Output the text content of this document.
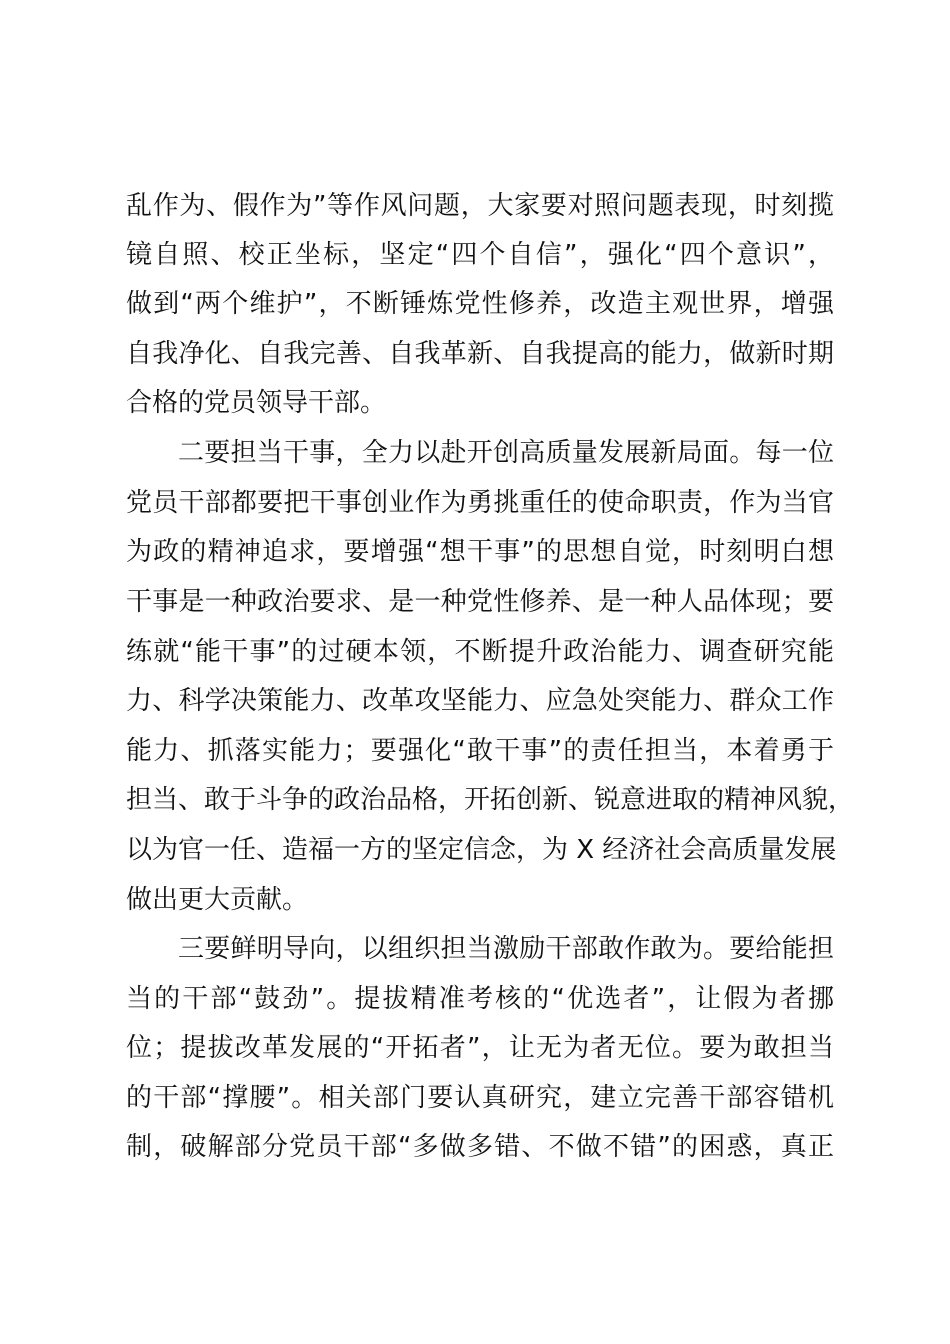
乱作为、假作为”等作风问题，大家要对照问题表现，时刻揽
镜自照、校正坐标，坚定“四个自信”，强化“四个意识”，
做到“两个维护”，不断锤炼党性修养，改造主观世界，增强
自我净化、自我完善、自我革新、自我提高的能力，做新时期
合格的党员领导干部。
二要担当干事，全力以赴开创高质量发展新局面。每一位
党员干部都要把干事创业作为勇挑重任的使命职责，作为当官
为政的精神追求，要增强“想干事”的思想自觉，时刻明白想
干事是一种政治要求、是一种党性修养、是一种人品体现；要
练就“能干事”的过硬本领，不断提升政治能力、调查研究能
力、科学决策能力、改革攻坚能力、应急处突能力、群众工作
能力、抓落实能力；要强化“敢干事”的责任担当，本着勇于
担当、敢于斗争的政治品格，开拓创新、锐意进取的精神风貌，
以为官一任、造福一方的坚定信念，为 X 经济社会高质量发展
做出更大贡献。
三要鲜明导向，以组织担当激励干部敢作敢为。要给能担
当的干部“鼓劲”。提拔精准考核的“优选者”，让假为者挪
位；提拔改革发展的“开拓者”，让无为者无位。要为敢担当
的干部“撑腰”。相关部门要认真研究，建立完善干部容错机
制，破解部分党员干部“多做多错、不做不错”的困惑，真正
